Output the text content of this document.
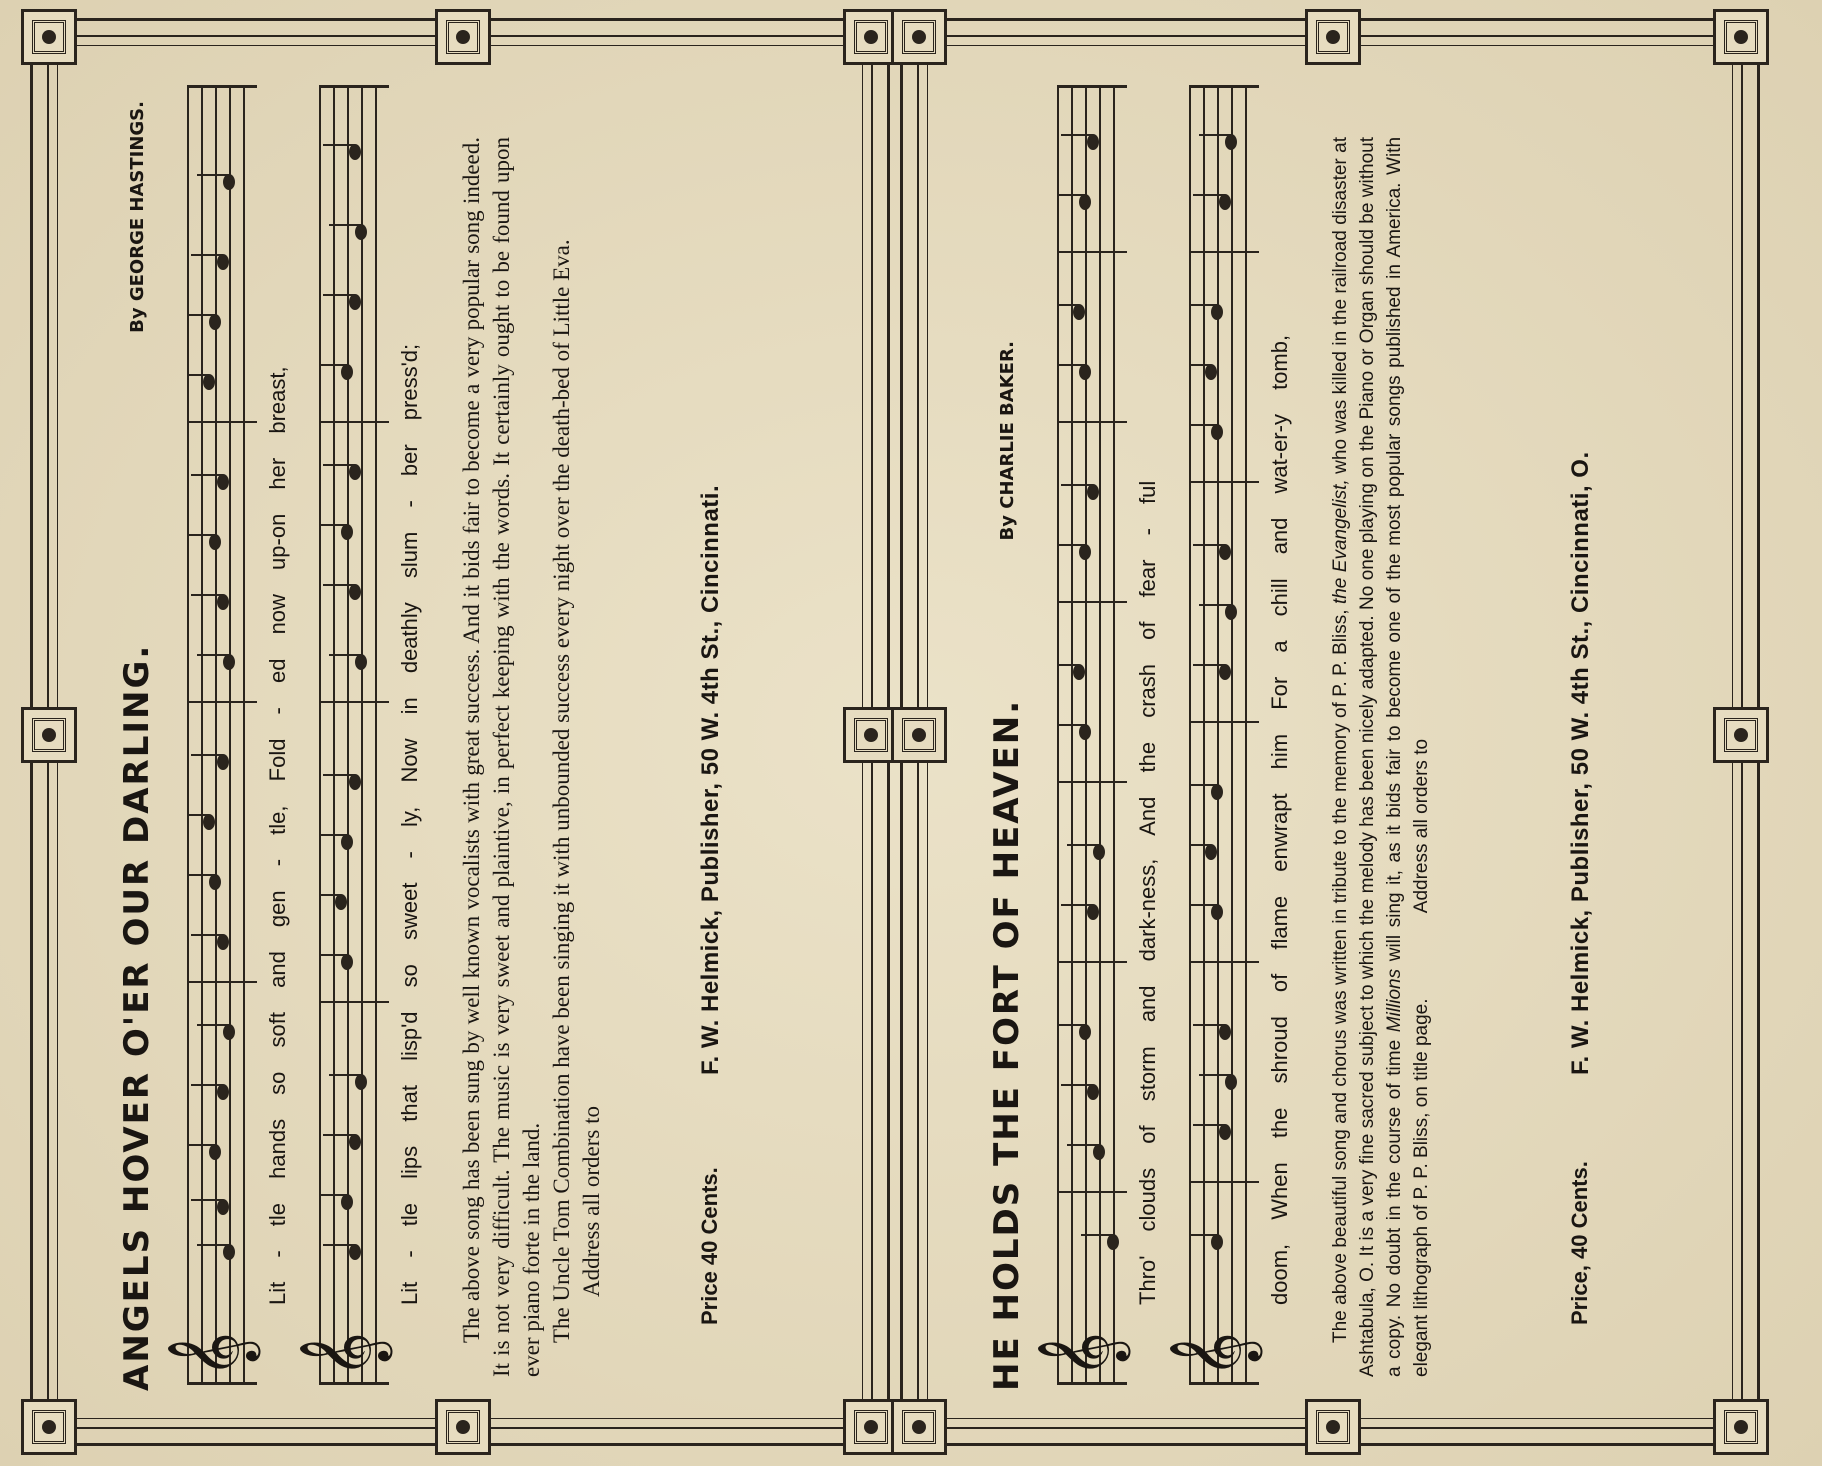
ANGELS HOVER O'ER OUR DARLING.
By GEORGE HASTINGS.
𝄞
Lit - tle hands so soft and gen - tle, Fold - ed now up-on her breast,
𝄞
Lit - tle lips that lisp'd so sweet - ly, Now in deathly slum - ber press'd; The above song has been sung by well known vocalists with great success. And it bids fair to become a very popular song indeed. It is not very difficult. The music is very sweet and plaintive, in perfect keeping with the words. It certainly ought to be found upon ever piano forte in the land. The Uncle Tom Combination have been singing it with unbounded success every night over the death-bed of Little Eva. Address all orders to	Price 40 Cents.
F. W. Helmick, Publisher, 50 W. 4th St., Cincinnati.	HE HOLDS THE FORT OF HEAVEN.
By CHARLIE BAKER.
𝄞
Thro' clouds of storm and dark-ness, And the crash of fear - ful
𝄞
doom, When the shroud of flame enwrapt him For a chill and wat-er-y tomb, The above beautiful song and chorus was written in tribute to the memory of P. P. Bliss, the Evangelist, who was killed in the railroad disaster at Ashtabula, O. It is a very fine sacred subject to which the melody has been nicely adapted. No one playing on the Piano or Organ should be without a copy. No doubt in the course of time Millions will sing it, as it bids fair to become one of the most popular songs published in America. With elegant lithograph of P. P. Bliss, on title page. Address all orders to

Price, 40 Cents.
F. W. Helmick, Publisher, 50 W. 4th St., Cincinnati, O.
